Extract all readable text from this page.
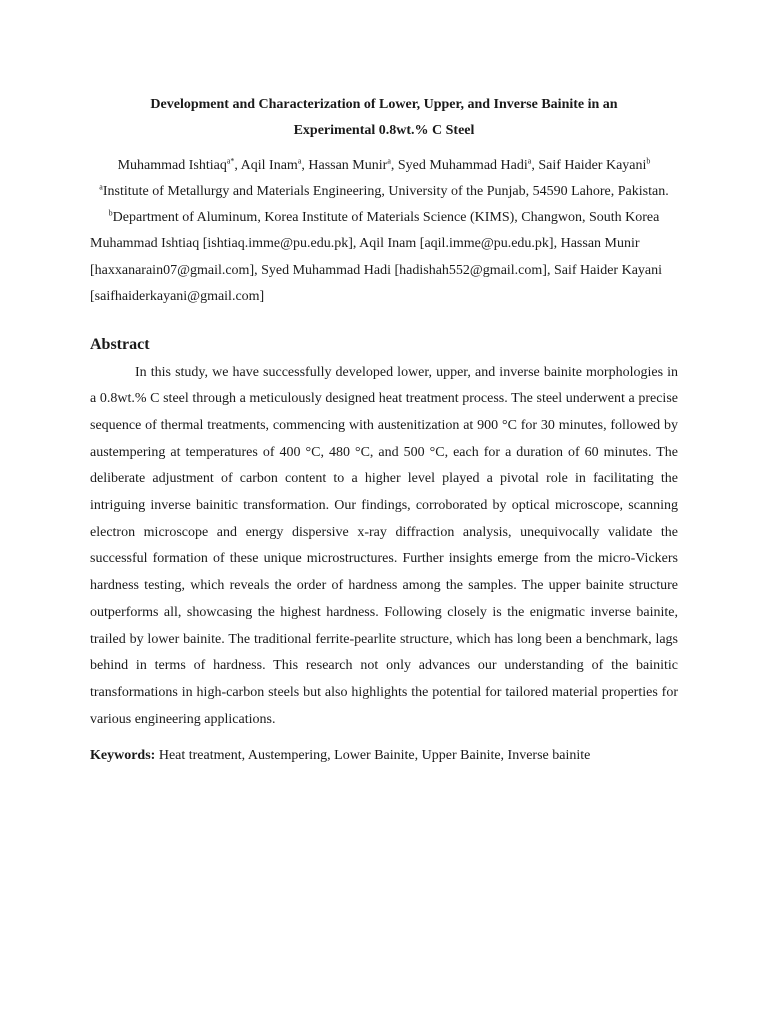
Development and Characterization of Lower, Upper, and Inverse Bainite in an Experimental 0.8wt.% C Steel
Muhammad Ishtiaq$^{a*}$, Aqil Inam$^a$, Hassan Munir$^a$, Syed Muhammad Hadi$^a$, Saif Haider Kayani$^b$
$^a$Institute of Metallurgy and Materials Engineering, University of the Punjab, 54590 Lahore, Pakistan.
$^b$Department of Aluminum, Korea Institute of Materials Science (KIMS), Changwon, South Korea
Muhammad Ishtiaq [ishtiaq.imme@pu.edu.pk], Aqil Inam [aqil.imme@pu.edu.pk], Hassan Munir [haxxanarain07@gmail.com], Syed Muhammad Hadi [hadishah552@gmail.com], Saif Haider Kayani [saifhaiderkayani@gmail.com]
Abstract

In this study, we have successfully developed lower, upper, and inverse bainite morphologies in a 0.8wt.% C steel through a meticulously designed heat treatment process. The steel underwent a precise sequence of thermal treatments, commencing with austenitization at 900 °C for 30 minutes, followed by austempering at temperatures of 400 °C, 480 °C, and 500 °C, each for a duration of 60 minutes. The deliberate adjustment of carbon content to a higher level played a pivotal role in facilitating the intriguing inverse bainitic transformation. Our findings, corroborated by optical microscope, scanning electron microscope and energy dispersive x-ray diffraction analysis, unequivocally validate the successful formation of these unique microstructures. Further insights emerge from the micro-Vickers hardness testing, which reveals the order of hardness among the samples. The upper bainite structure outperforms all, showcasing the highest hardness. Following closely is the enigmatic inverse bainite, trailed by lower bainite. The traditional ferrite-pearlite structure, which has long been a benchmark, lags behind in terms of hardness. This research not only advances our understanding of the bainitic transformations in high-carbon steels but also highlights the potential for tailored material properties for various engineering applications.

Keywords: Heat treatment, Austempering, Lower Bainite, Upper Bainite, Inverse bainite
